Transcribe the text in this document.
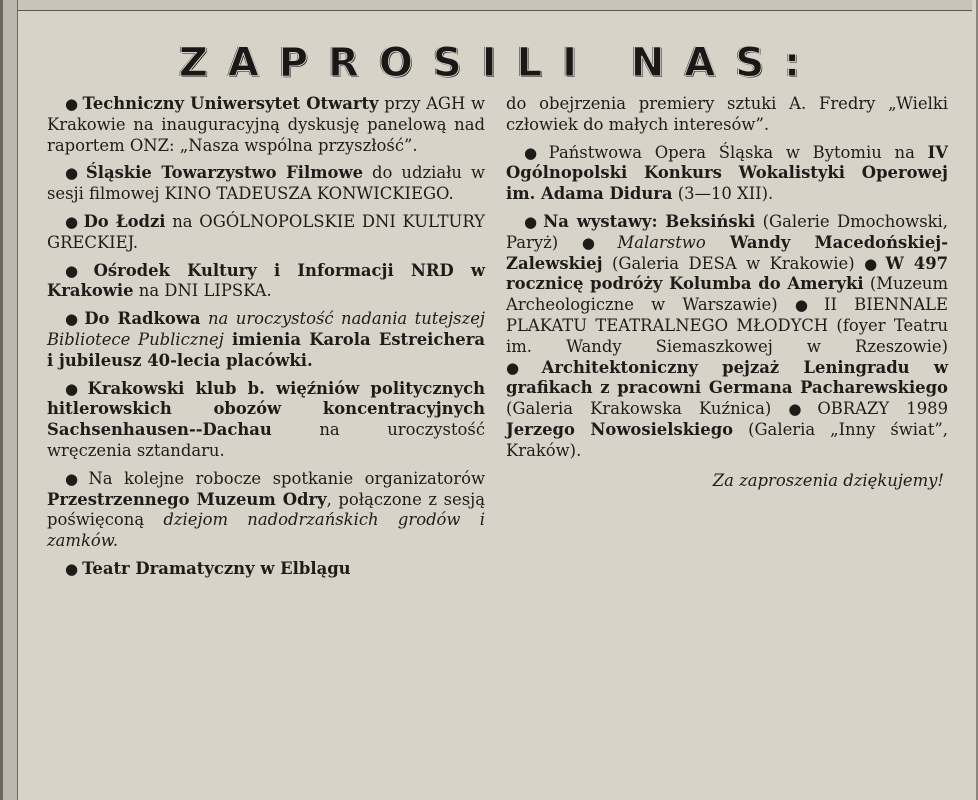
ZAPROSILI NAS:

● Techniczny Uniwersytet Otwarty przy AGH w Krakowie na inauguracyjną dyskusję panelową nad raportem ONZ: „Nasza wspólna przyszłość”.

● Śląskie Towarzystwo Filmowe do udziału w sesji filmowej KINO TADEUSZA KONWICKIEGO.

● Do Łodzi na OGÓLNOPOLSKIE DNI KULTURY GRECKIEJ.

● Ośrodek Kultury i Informacji NRD w Krakowie na DNI LIPSKA.

● Do Radkowa na uroczystość nadania tutejszej Bibliotece Publicznej imienia Karola Estreichera i jubileusz 40-lecia placówki.

● Krakowski klub b. więźniów politycznych hitlerowskich obozów koncentracyjnych Sachsenhausen--Dachau na uroczystość wręczenia sztandaru.

● Na kolejne robocze spotkanie organizatorów Przestrzennego Muzeum Odry, połączone z sesją poświęconą dziejom nadodrzańskich grodów i zamków.

● Teatr Dramatyczny w Elblągu

do obejrzenia premiery sztuki A. Fredry „Wielki człowiek do małych interesów”.

● Państwowa Opera Śląska w Bytomiu na IV Ogólnopolski Konkurs Wokalistyki Operowej im. Adama Didura (3—10 XII).

● Na wystawy: Beksiński (Galerie Dmochowski, Paryż) ● Malarstwo Wandy Macedońskiej-Zalewskiej (Galeria DESA w Krakowie) ● W 497 rocznicę podróży Kolumba do Ameryki (Muzeum Archeologiczne w Warszawie) ● II BIENNALE PLAKATU TEATRALNEGO MŁODYCH (foyer Teatru im. Wandy Siemaszkowej w Rzeszowie) ● Architektoniczny pejzaż Leningradu w grafikach z pracowni Germana Pacharewskiego (Galeria Krakowska Kuźnica) ● OBRAZY 1989 Jerzego Nowosielskiego (Galeria „Inny świat”, Kraków).

Za zaproszenia dziękujemy!
